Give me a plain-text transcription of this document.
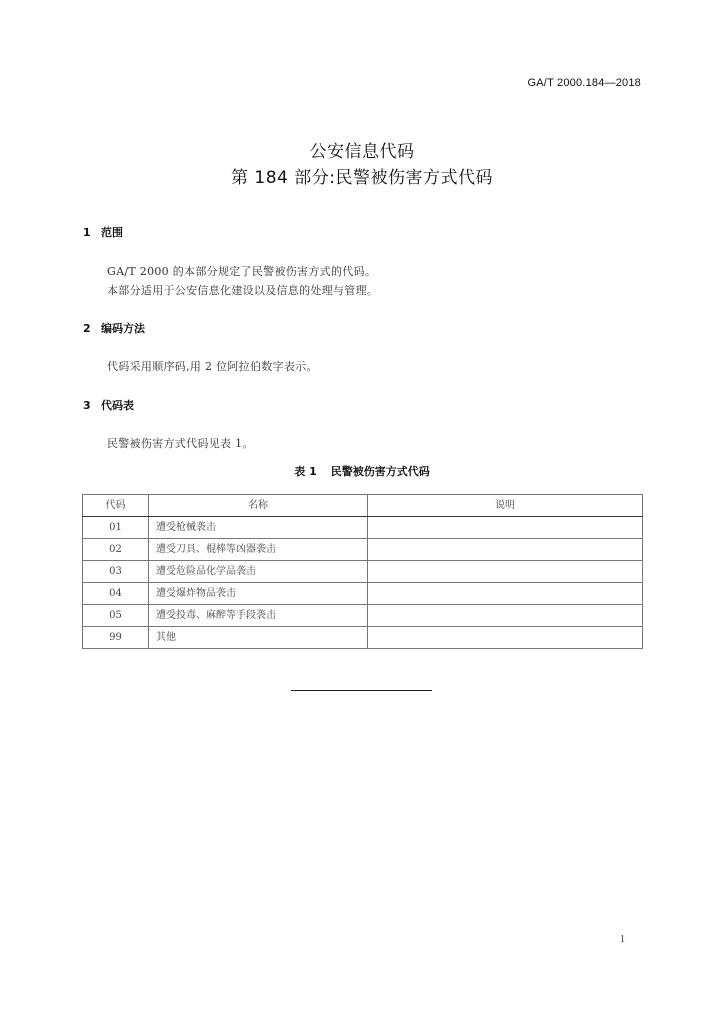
GA/T 2000.184—2018
公安信息代码
第 184 部分:民警被伤害方式代码
1 范围
GA/T 2000 的本部分规定了民警被伤害方式的代码。
本部分适用于公安信息化建设以及信息的处理与管理。
2 编码方法
代码采用顺序码,用 2 位阿拉伯数字表示。
3 代码表
民警被伤害方式代码见表 1。
表 1 民警被伤害方式代码
代码	名称	说明
01	遭受枪械袭击	
02	遭受刀具、棍棒等凶器袭击	
03	遭受危险品化学品袭击	
04	遭受爆炸物品袭击	
05	遭受投毒、麻醉等手段袭击	
99	其他	
1
